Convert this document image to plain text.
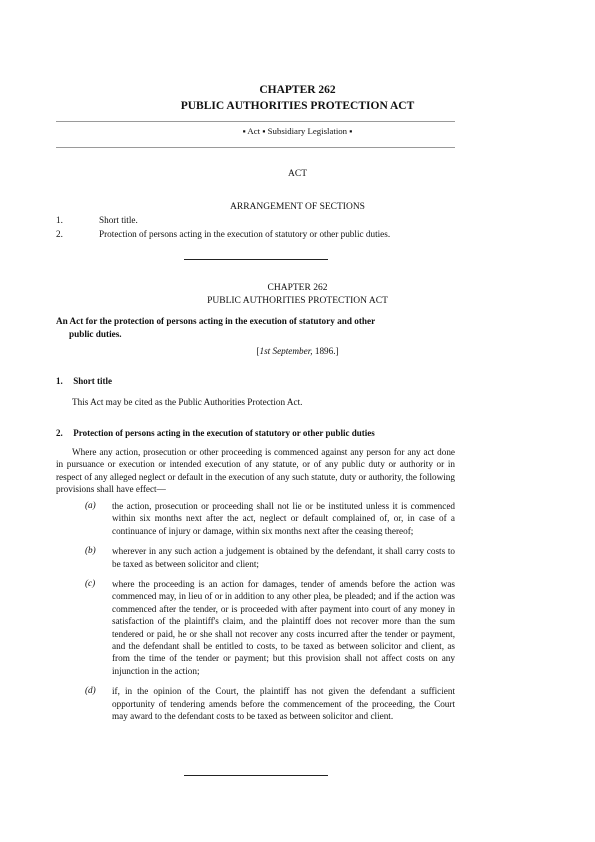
CHAPTER 262
PUBLIC AUTHORITIES PROTECTION ACT
▪ Act ▪ Subsidiary Legislation ▪
ACT
ARRANGEMENT OF SECTIONS
1.	Short title.
2.	Protection of persons acting in the execution of statutory or other public duties.
CHAPTER 262
PUBLIC AUTHORITIES PROTECTION ACT
An Act for the protection of persons acting in the execution of statutory and other
public duties.
[1st September, 1896.]
1. Short title
This Act may be cited as the Public Authorities Protection Act.
2. Protection of persons acting in the execution of statutory or other public duties
Where any action, prosecution or other proceeding is commenced against any person for any act done in pursuance or execution or intended execution of any statute, or of any public duty or authority or in respect of any alleged neglect or default in the execution of any such statute, duty or authority, the following provisions shall have effect—
(a)	the action, prosecution or proceeding shall not lie or be instituted unless it is commenced within six months next after the act, neglect or default complained of, or, in case of a continuance of injury or damage, within six months next after the ceasing thereof;
(b)	wherever in any such action a judgement is obtained by the defendant, it shall carry costs to be taxed as between solicitor and client;
(c)	where the proceeding is an action for damages, tender of amends before the action was commenced may, in lieu of or in addition to any other plea, be pleaded; and if the action was commenced after the tender, or is proceeded with after payment into court of any money in satisfaction of the plaintiff's claim, and the plaintiff does not recover more than the sum tendered or paid, he or she shall not recover any costs incurred after the tender or payment, and the defendant shall be entitled to costs, to be taxed as between solicitor and client, as from the time of the tender or payment; but this provision shall not affect costs on any injunction in the action;
(d)	if, in the opinion of the Court, the plaintiff has not given the defendant a sufficient opportunity of tendering amends before the commencement of the proceeding, the Court may award to the defendant costs to be taxed as between solicitor and client.
